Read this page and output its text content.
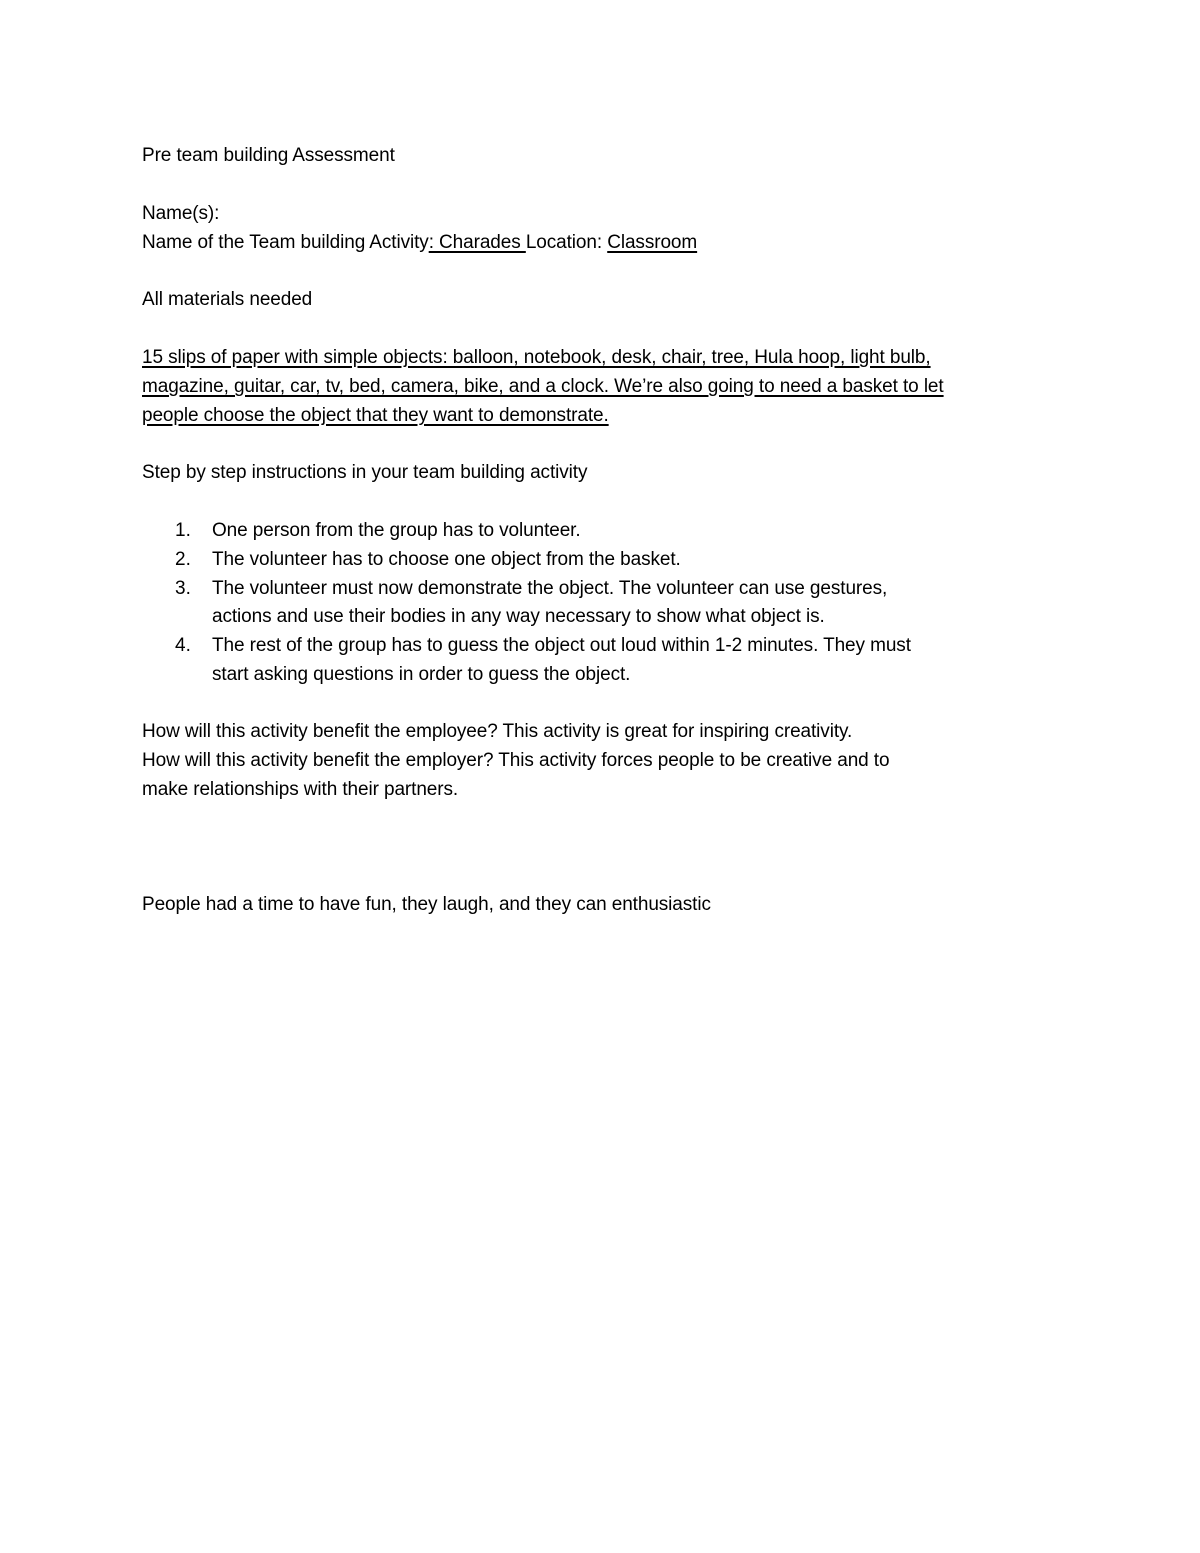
Pre team building Assessment
Name(s):
Name of the Team building Activity: Charades Location: Classroom
All materials needed
15 slips of paper with simple objects: balloon, notebook, desk, chair, tree, Hula hoop, light bulb,
magazine, guitar, car, tv, bed, camera, bike, and a clock. We’re also going to need a basket to let
people choose the object that they want to demonstrate.
Step by step instructions in your team building activity
1. One person from the group has to volunteer.
2. The volunteer has to choose one object from the basket.
3. The volunteer must now demonstrate the object. The volunteer can use gestures,
actions and use their bodies in any way necessary to show what object is.
4. The rest of the group has to guess the object out loud within 1-2 minutes. They must
start asking questions in order to guess the object.
How will this activity benefit the employee? This activity is great for inspiring creativity.
How will this activity benefit the employer? This activity forces people to be creative and to
make relationships with their partners.
People had a time to have fun, they laugh, and they can enthusiastic
